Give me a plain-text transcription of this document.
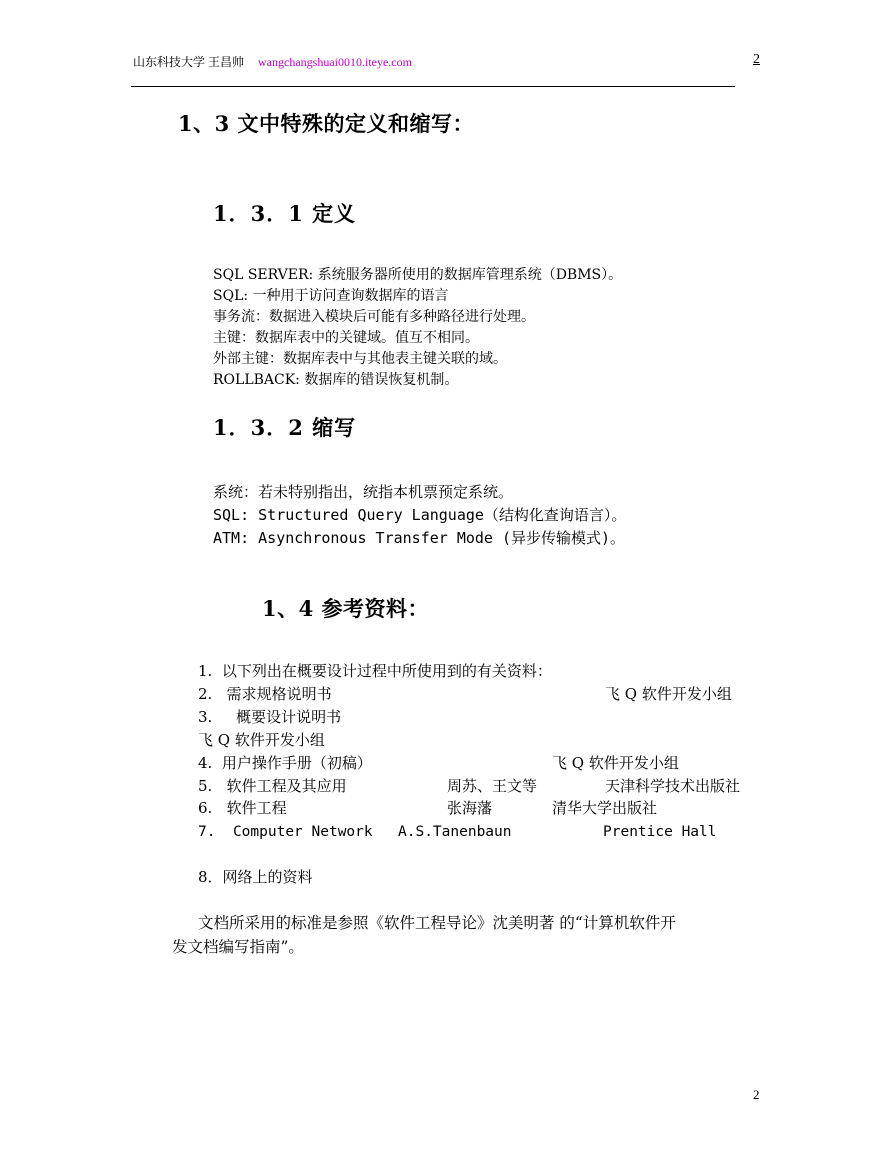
山东科技大学 王昌帅 wangchangshuai0010.iteye.com	2
1、3 文中特殊的定义和缩写：
1．3．1 定义
SQL SERVER: 系统服务器所使用的数据库管理系统（DBMS）。
SQL: 一种用于访问查询数据库的语言
事务流：数据进入模块后可能有多种路径进行处理。
主键：数据库表中的关键域。值互不相同。
外部主键：数据库表中与其他表主键关联的域。
ROLLBACK: 数据库的错误恢复机制。
1．3．2 缩写
系统：若未特别指出，统指本机票预定系统。
SQL: Structured Query Language（结构化查询语言）。
ATM: Asynchronous Transfer Mode (异步传输模式)。
1、4 参考资料：
1. 以下列出在概要设计过程中所使用到的有关资料：
2. 需求规格说明书	飞 Q 软件开发小组
3. 概要设计说明书
飞 Q 软件开发小组
4. 用户操作手册（初稿）	飞 Q 软件开发小组
5. 软件工程及其应用	周苏、王文等	天津科学技术出版社
6. 软件工程	张海藩	清华大学出版社
7. Computer Network A.S.Tanenbaun	Prentice Hall
8．网络上的资料
文档所采用的标准是参照《软件工程导论》沈美明著 的“计算机软件开
发文档编写指南”。
2
